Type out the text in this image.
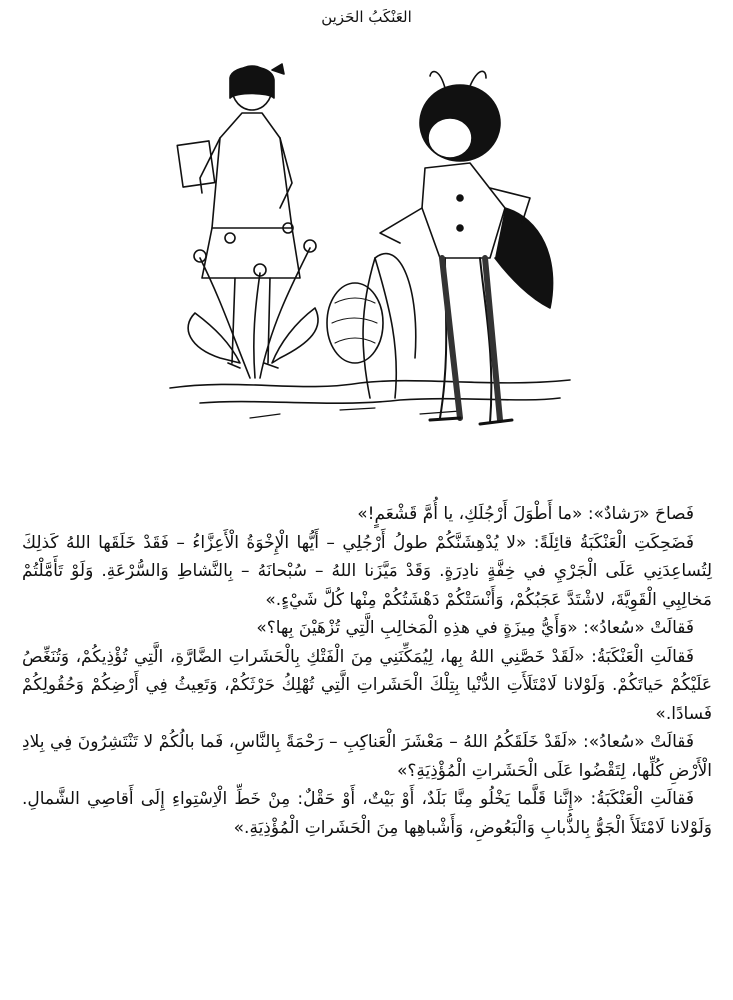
العَنْكَبُ الحَزين

فَصاحَ «رَشادٌ»: «ما أَطْوَلَ أَرْجُلَكِ، يا أُمَّ قَشْعَمٍ!»

فَضَحِكَتِ الْعَنْكَبَةُ قائِلَةً: «لا يُدْهِشَنَّكُمْ طولُ أَرْجُلِي – أَيُّها الْإِخْوَةُ الْأَعِزَّاءُ – فَقَدْ خَلَقَها اللهُ كَذلِكَ لِتُساعِدَنِي عَلَى الْجَرْيِ في خِفَّةٍ نادِرَةٍ. وَقَدْ مَيَّزَنا اللهُ – سُبْحانَهُ – بِالنَّشاطِ وَالسُّرْعَةِ. وَلَوْ تَأَمَّلْتُمْ مَخالِبِي الْقَوِيَّةَ، لاشْتَدَّ عَجَبُكُمْ، وَأَنْسَتْكُمْ دَهْشَتُكُمْ مِنْها كُلَّ شَيْءٍ.»

فَقالَتْ «سُعادُ»: «وَأَيُّ مِيزَةٍ في هذِهِ الْمَخالِبِ الَّتِي تُزْهَيْنَ بِها؟»

فَقالَتِ الْعَنْكَبَةُ: «لَقَدْ خَصَّنِي اللهُ بِها، لِيُمَكِّنَنِي مِنَ الْفَتْكِ بِالْحَشَراتِ الضَّارَّةِ، الَّتِي تُؤْذِيكُمْ، وَتُنَغِّصُ عَلَيْكُمْ حَياتَكُمْ. وَلَوْلانا لَامْتَلَأَتِ الدُّنْيا بِتِلْكَ الْحَشَراتِ الَّتِي تُهْلِكُ حَرْثَكُمْ، وَتَعِيثُ فِي أَرْضِكُمْ وَحُقُولِكُمْ فَسادًا.»

فَقالَتْ «سُعادُ»: «لَقَدْ خَلَقَكُمُ اللهُ – مَعْشَرَ الْعَناكِبِ – رَحْمَةً بِالنَّاسِ، فَما بالُكُمْ لا تَنْتَشِرُونَ فِي بِلادِ الْأَرْضِ كُلِّها، لِتَقْضُوا عَلَى الْحَشَراتِ الْمُؤْذِيَةِ؟»

فَقالَتِ الْعَنْكَبَةُ: «إِنَّنا قَلَّما يَخْلُو مِنَّا بَلَدٌ، أَوْ بَيْتٌ، أَوْ حَقْلٌ: مِنْ خَطِّ الْاِسْتِواءِ إِلَى أَقاصِي الشَّمالِ. وَلَوْلانا لَامْتَلَأَ الْجَوُّ بِالذُّبابِ وَالْبَعُوضِ، وَأَشْباهِها مِنَ الْحَشَراتِ الْمُؤْذِيَةِ.»
